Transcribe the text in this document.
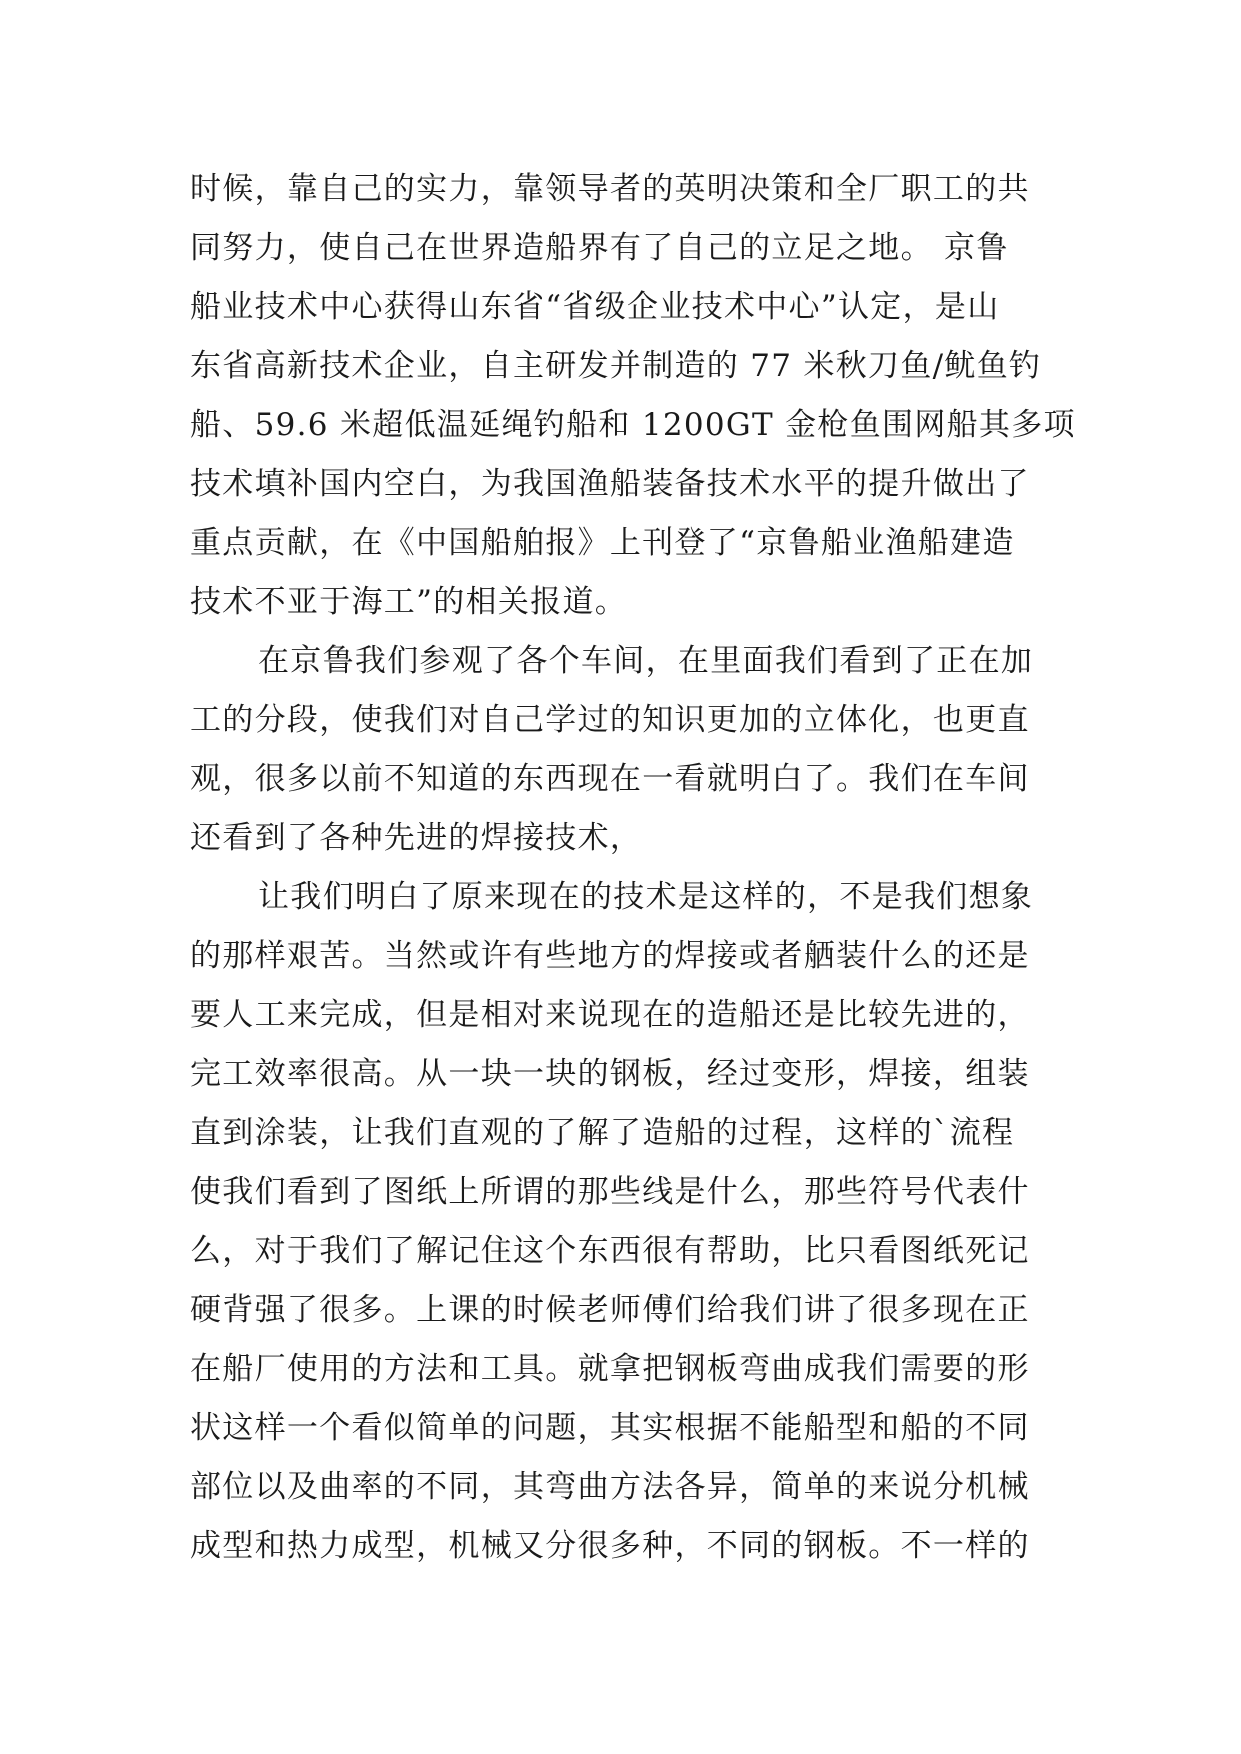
时候，靠自己的实力，靠领导者的英明决策和全厂职工的共
同努力，使自己在世界造船界有了自己的立足之地。 京鲁
船业技术中心获得山东省“省级企业技术中心”认定，是山
东省高新技术企业，自主研发并制造的 77 米秋刀鱼/鱿鱼钓
船、59.6 米超低温延绳钓船和 1200GT 金枪鱼围网船其多项
技术填补国内空白，为我国渔船装备技术水平的提升做出了
重点贡献，在《中国船舶报》上刊登了“京鲁船业渔船建造
技术不亚于海工”的相关报道。
在京鲁我们参观了各个车间，在里面我们看到了正在加
工的分段，使我们对自己学过的知识更加的立体化，也更直
观，很多以前不知道的东西现在一看就明白了。我们在车间
还看到了各种先进的焊接技术，
让我们明白了原来现在的技术是这样的，不是我们想象
的那样艰苦。当然或许有些地方的焊接或者舾装什么的还是
要人工来完成，但是相对来说现在的造船还是比较先进的，
完工效率很高。从一块一块的钢板，经过变形，焊接，组装
直到涂装，让我们直观的了解了造船的过程，这样的`流程
使我们看到了图纸上所谓的那些线是什么，那些符号代表什
么，对于我们了解记住这个东西很有帮助，比只看图纸死记
硬背强了很多。上课的时候老师傅们给我们讲了很多现在正
在船厂使用的方法和工具。就拿把钢板弯曲成我们需要的形
状这样一个看似简单的问题，其实根据不能船型和船的不同
部位以及曲率的不同，其弯曲方法各异，简单的来说分机械
成型和热力成型，机械又分很多种，不同的钢板。不一样的
